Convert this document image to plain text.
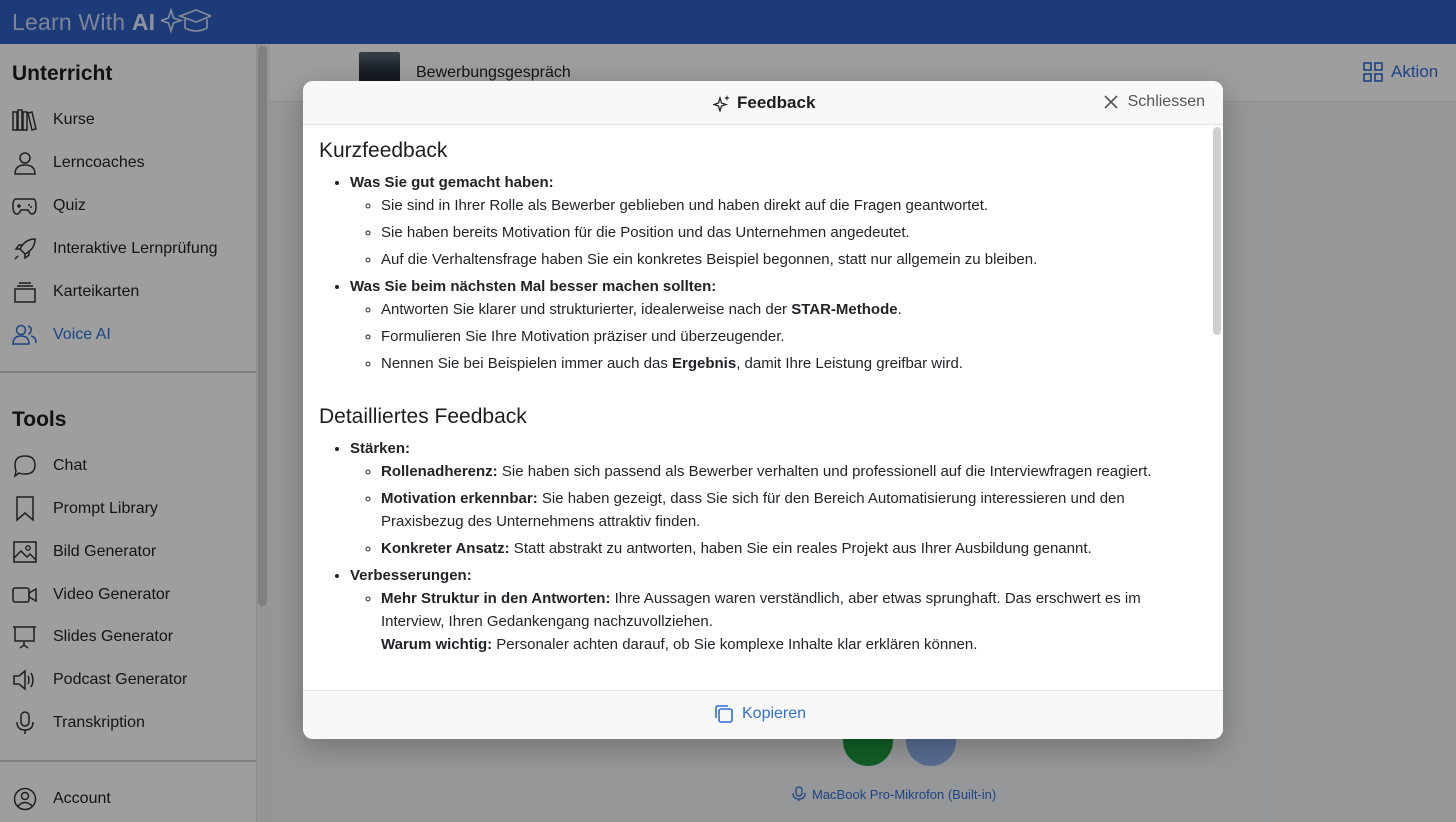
Learn With AI
Unterricht
Kurse
Lerncoaches
Quiz
Interaktive Lernprüfung
Karteikarten
Voice AI
Tools
Chat
Prompt Library
Bild Generator
Video Generator
Slides Generator
Podcast Generator
Transkription
Account
Bewerbungsgespräch	Aktion
MacBook Pro-Mikrofon (Built-in)
Feedback	Schliessen
Kurzfeedback
• Was Sie gut gemacht haben:
◦ Sie sind in Ihrer Rolle als Bewerber geblieben und haben direkt auf die Fragen geantwortet.
◦ Sie haben bereits Motivation für die Position und das Unternehmen angedeutet.
◦ Auf die Verhaltensfrage haben Sie ein konkretes Beispiel begonnen, statt nur allgemein zu bleiben.
• Was Sie beim nächsten Mal besser machen sollten:
◦ Antworten Sie klarer und strukturierter, idealerweise nach der STAR-Methode.
◦ Formulieren Sie Ihre Motivation präziser und überzeugender.
◦ Nennen Sie bei Beispielen immer auch das Ergebnis, damit Ihre Leistung greifbar wird.
Detailliertes Feedback
• Stärken:
◦ Rollenadherenz: Sie haben sich passend als Bewerber verhalten und professionell auf die Interviewfragen reagiert.
◦ Motivation erkennbar: Sie haben gezeigt, dass Sie sich für den Bereich Automatisierung interessieren und den Praxisbezug des Unternehmens attraktiv finden.
◦ Konkreter Ansatz: Statt abstrakt zu antworten, haben Sie ein reales Projekt aus Ihrer Ausbildung genannt.
• Verbesserungen:
◦ Mehr Struktur in den Antworten: Ihre Aussagen waren verständlich, aber etwas sprunghaft. Das erschwert es im Interview, Ihren Gedankengang nachzuvollziehen.
Warum wichtig: Personaler achten darauf, ob Sie komplexe Inhalte klar erklären können.
Kopieren
